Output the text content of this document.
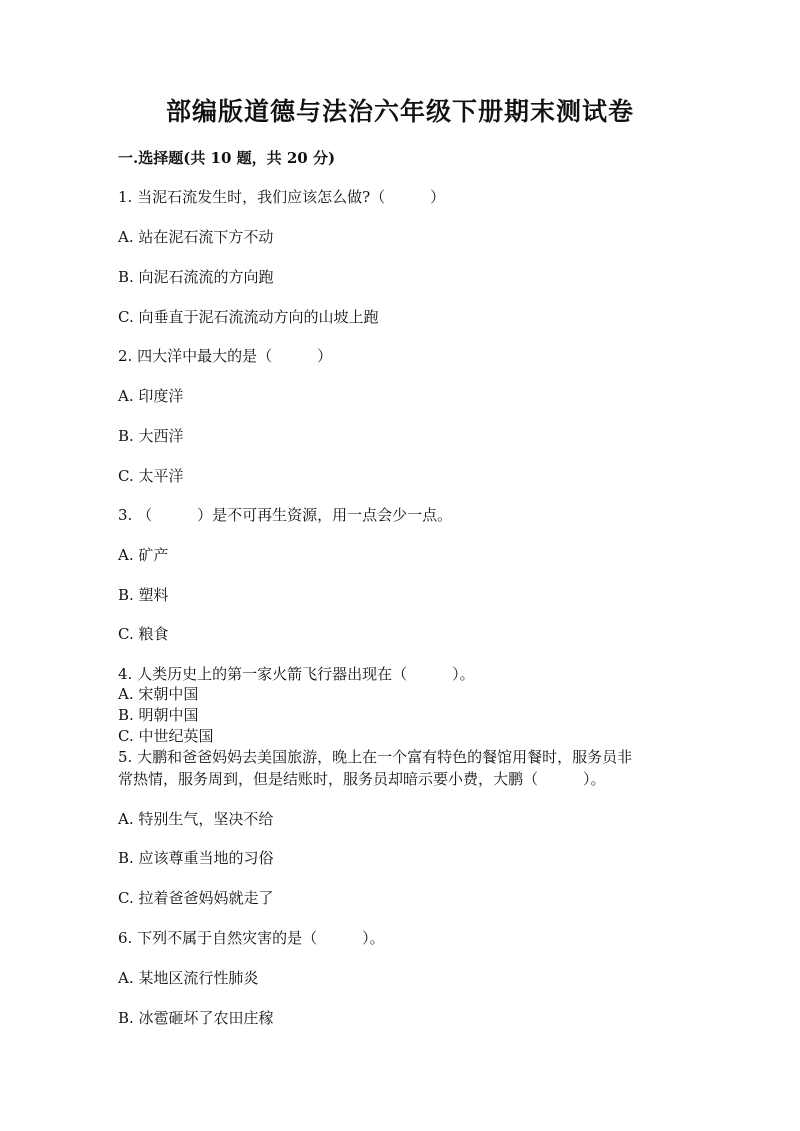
部编版道德与法治六年级下册期末测试卷
一.选择题(共 10 题，共 20 分)
1. 当泥石流发生时，我们应该怎么做?（　　　）
A. 站在泥石流下方不动
B. 向泥石流流的方向跑
C. 向垂直于泥石流流动方向的山坡上跑
2. 四大洋中最大的是（　　　）
A. 印度洋
B. 大西洋
C. 太平洋
3. （　　　）是不可再生资源，用一点会少一点。
A. 矿产
B. 塑料
C. 粮食
4. 人类历史上的第一家火箭飞行器出现在（　　　）。
A. 宋朝中国
B. 明朝中国
C. 中世纪英国
5. 大鹏和爸爸妈妈去美国旅游，晚上在一个富有特色的餐馆用餐时，服务员非
常热情，服务周到，但是结账时，服务员却暗示要小费，大鹏（　　　）。
A. 特别生气，坚决不给
B. 应该尊重当地的习俗
C. 拉着爸爸妈妈就走了
6. 下列不属于自然灾害的是（　　　）。
A. 某地区流行性肺炎
B. 冰雹砸坏了农田庄稼
